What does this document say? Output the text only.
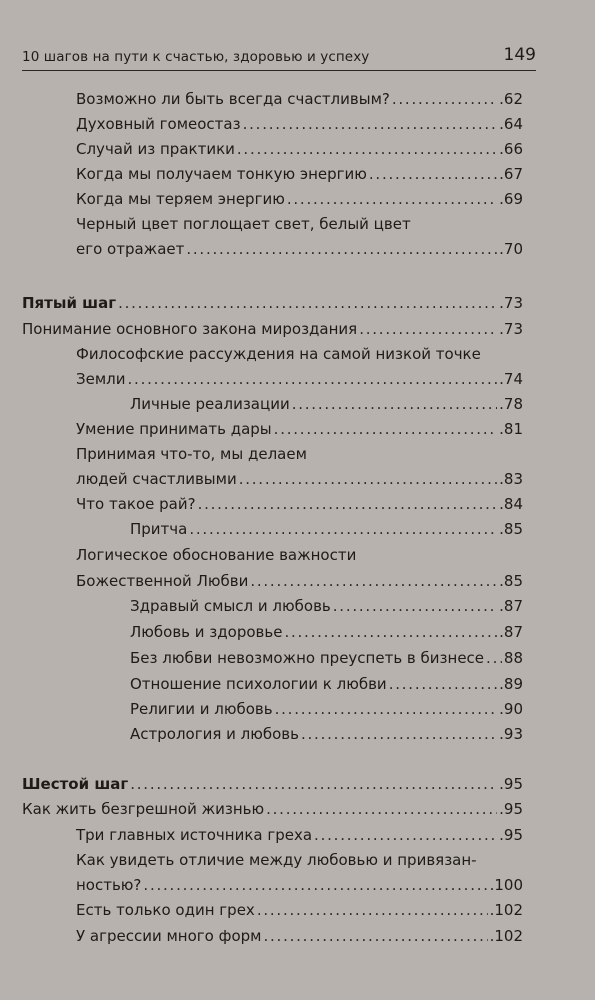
10 шагов на пути к счастью, здоровью и успеху	149
Возможно ли быть всегда счастливым? . . .	.62
Духовный гомеостаз . . .	.64
Случай из практики . . .	.66
Когда мы получаем тонкую энергию . . .	.67
Когда мы теряем энергию . . .	.69
Черный цвет поглощает свет, белый цвет
его отражает . . .	.70
Пятый шаг . . .	.73
Понимание основного закона мироздания . . .	.73
Философские рассуждения на самой низкой точке
Земли . . .	.74
Личные реализации . . .	.78
Умение принимать дары . . .	.81
Принимая что-то, мы делаем
людей счастливыми . . .	.83
Что такое рай? . . .	.84
Притча . . .	.85
Логическое обоснование важности
Божественной Любви . . .	.85
Здравый смысл и любовь . . .	.87
Любовь и здоровье . . .	.87
Без любви невозможно преуспеть в бизнесе . . . 88
Отношение психологии к любви . . .	.89
Религии и любовь . . .	.90
Астрология и любовь . . .	.93
Шестой шаг . . .	.95
Как жить безгрешной жизнью . . .	.95
Три главных источника греха . . .	.95
Как увидеть отличие между любовью и привязан-
ностью? . . .	.100
Есть только один грех . . .	.102
У агрессии много форм . . .	.102
